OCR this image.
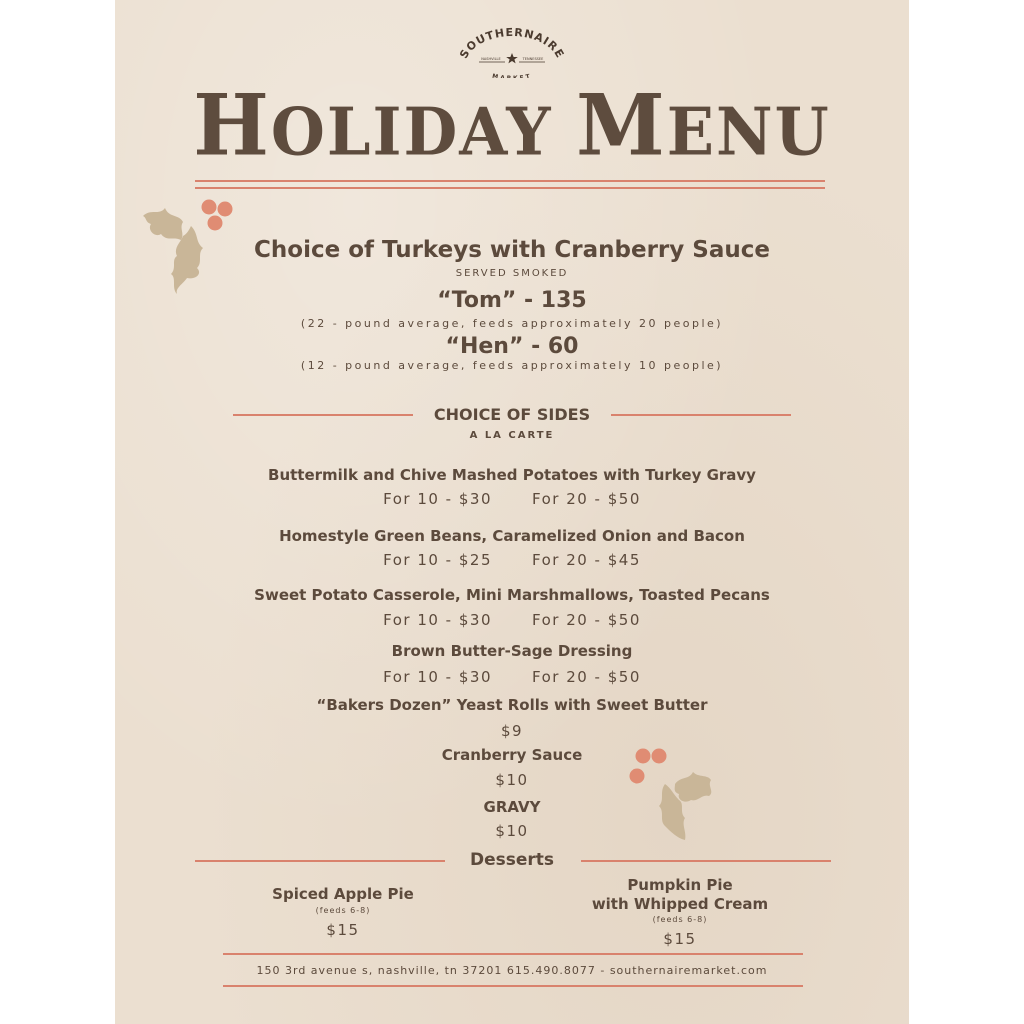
SOUTHERNAIRE
NASHVILLE	TENNESSEE
M ET
HOLIDAY MENU
Choice of Turkeys with Cranberry Sauce
SERVED SMOKED
“Tom” - 135
(22 - pound average, feeds approximately 20 people)
“Hen” - 60
(12 - pound average, feeds approximately 10 people)
CHOICE OF SIDES
A LA CARTE
Buttermilk and Chive Mashed Potatoes with Turkey Gravy
For 10 - $30	For 20 - $50
Homestyle Green Beans, Caramelized Onion and Bacon
For 10 - $25	For 20 - $45
Sweet Potato Casserole, Mini Marshmallows, Toasted Pecans
For 10 - $30	For 20 - $50
Brown Butter-Sage Dressing
For 10 - $30	For 20 - $50
“Bakers Dozen” Yeast Rolls with Sweet Butter
$9
Cranberry Sauce
$10
GRAVY
$10
Desserts
Spiced Apple Pie
(feeds 6-8)
$15
Pumpkin Pie
with Whipped Cream
(feeds 6-8)
$15
150 3rd avenue s, nashville, tn 37201 615.490.8077 - southernairemarket.com
